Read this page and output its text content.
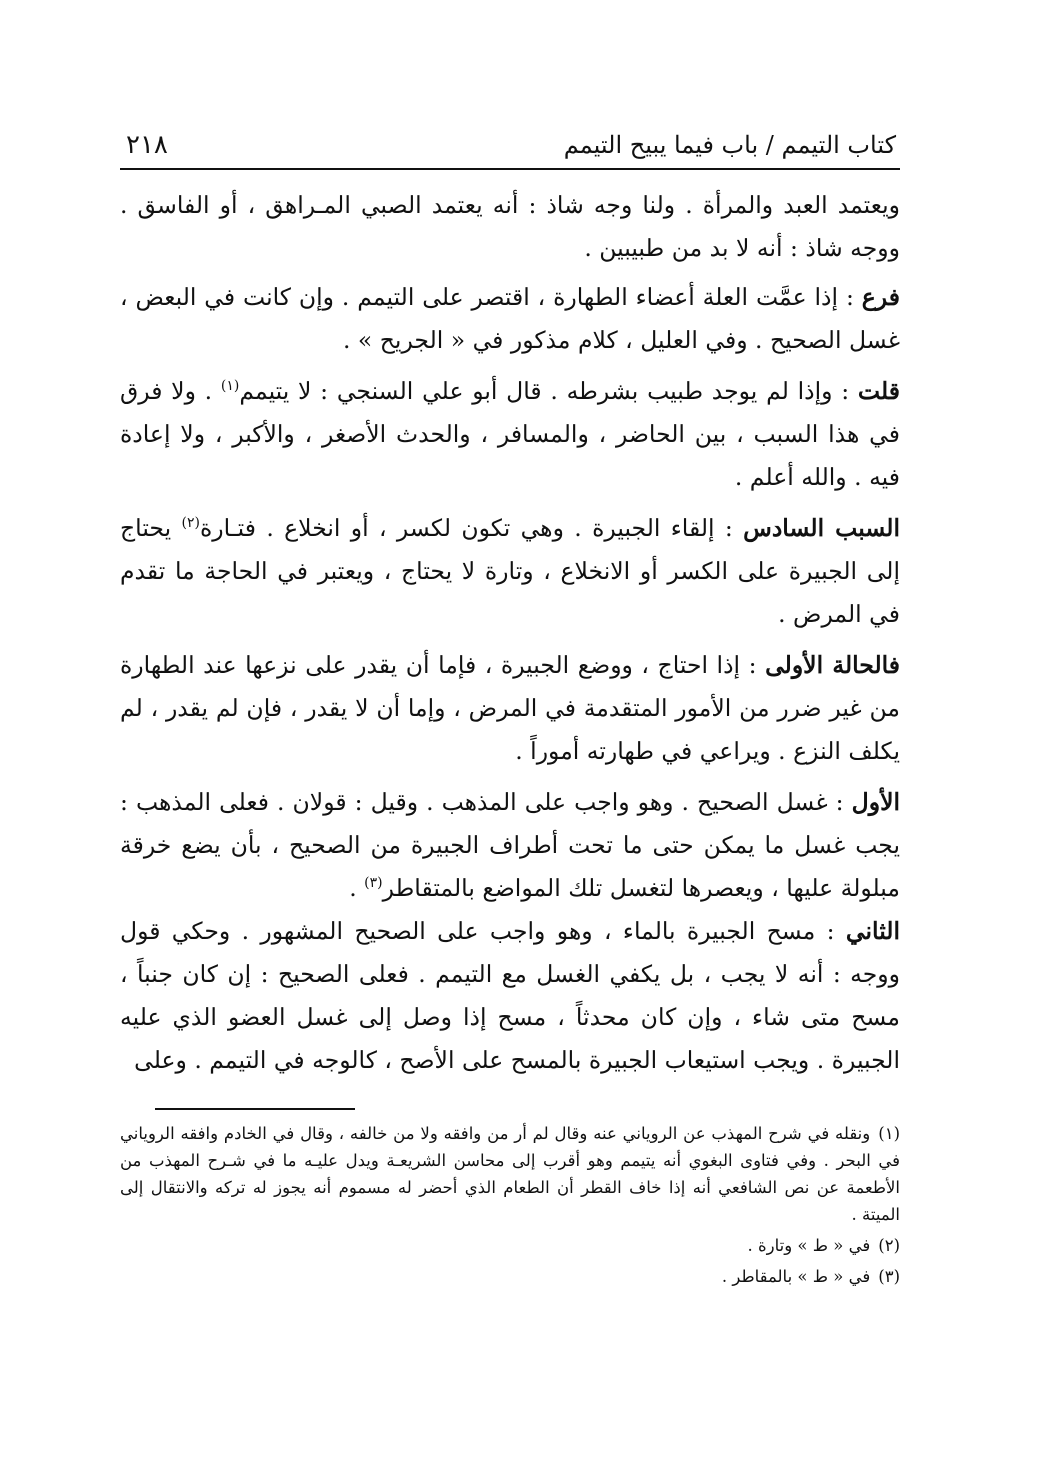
كتاب التيمم / باب فيما يبيح التيمم
٢١٨

ويعتمد العبد والمرأة . ولنا وجه شاذ : أنه يعتمد الصبي المـراهق ، أو الفاسق . ووجه شاذ : أنه لا بد من طبيبين .

فرع : إذا عمَّت العلة أعضاء الطهارة ، اقتصر على التيمم . وإن كانت في البعض ، غسل الصحيح . وفي العليل ، كلام مذكور في « الجريح » .

قلت : وإذا لم يوجد طبيب بشرطه . قال أبو علي السنجي : لا يتيمم$^{(١)}$ . ولا فرق في هذا السبب ، بين الحاضر ، والمسافر ، والحدث الأصغر ، والأكبر ، ولا إعادة فيه . والله أعلم .

السبب السادس : إلقاء الجبيرة . وهي تكون لكسر ، أو انخلاع . فتـارة$^{(٢)}$ يحتاج إلى الجبيرة على الكسر أو الانخلاع ، وتارة لا يحتاج ، ويعتبر في الحاجة ما تقدم في المرض .

فالحالة الأولى : إذا احتاج ، ووضع الجبيرة ، فإما أن يقدر على نزعها عند الطهارة من غير ضرر من الأمور المتقدمة في المرض ، وإما أن لا يقدر ، فإن لم يقدر ، لم يكلف النزع . ويراعي في طهارته أموراً .

الأول : غسل الصحيح . وهو واجب على المذهب . وقيل : قولان . فعلى المذهب : يجب غسل ما يمكن حتى ما تحت أطراف الجبيرة من الصحيح ، بأن يضع خرقة مبلولة عليها ، ويعصرها لتغسل تلك المواضع بالمتقاطر$^{(٣)}$ .

الثاني : مسح الجبيرة بالماء ، وهو واجب على الصحيح المشهور . وحكي قول ووجه : أنه لا يجب ، بل يكفي الغسل مع التيمم . فعلى الصحيح : إن كان جنباً ، مسح متى شاء ، وإن كان محدثاً ، مسح إذا وصل إلى غسل العضو الذي عليه الجبيرة . ويجب استيعاب الجبيرة بالمسح على الأصح ، كالوجه في التيمم . وعلى

(١)ونقله في شرح المهذب عن الروياني عنه وقال لم أر من وافقه ولا من خالفه ، وقال في الخادم وافقه الروياني في البحر . وفي فتاوى البغوي أنه يتيمم وهو أقرب إلى محاسن الشريعـة ويدل عليـه ما في شـرح المهذب من الأطعمة عن نص الشافعي أنه إذا خاف القطر أن الطعام الذي أحضر له مسموم أنه يجوز له تركه والانتقال إلى الميتة .

(٢)في « ط » وتارة .

(٣)في « ط » بالمقاطر .
